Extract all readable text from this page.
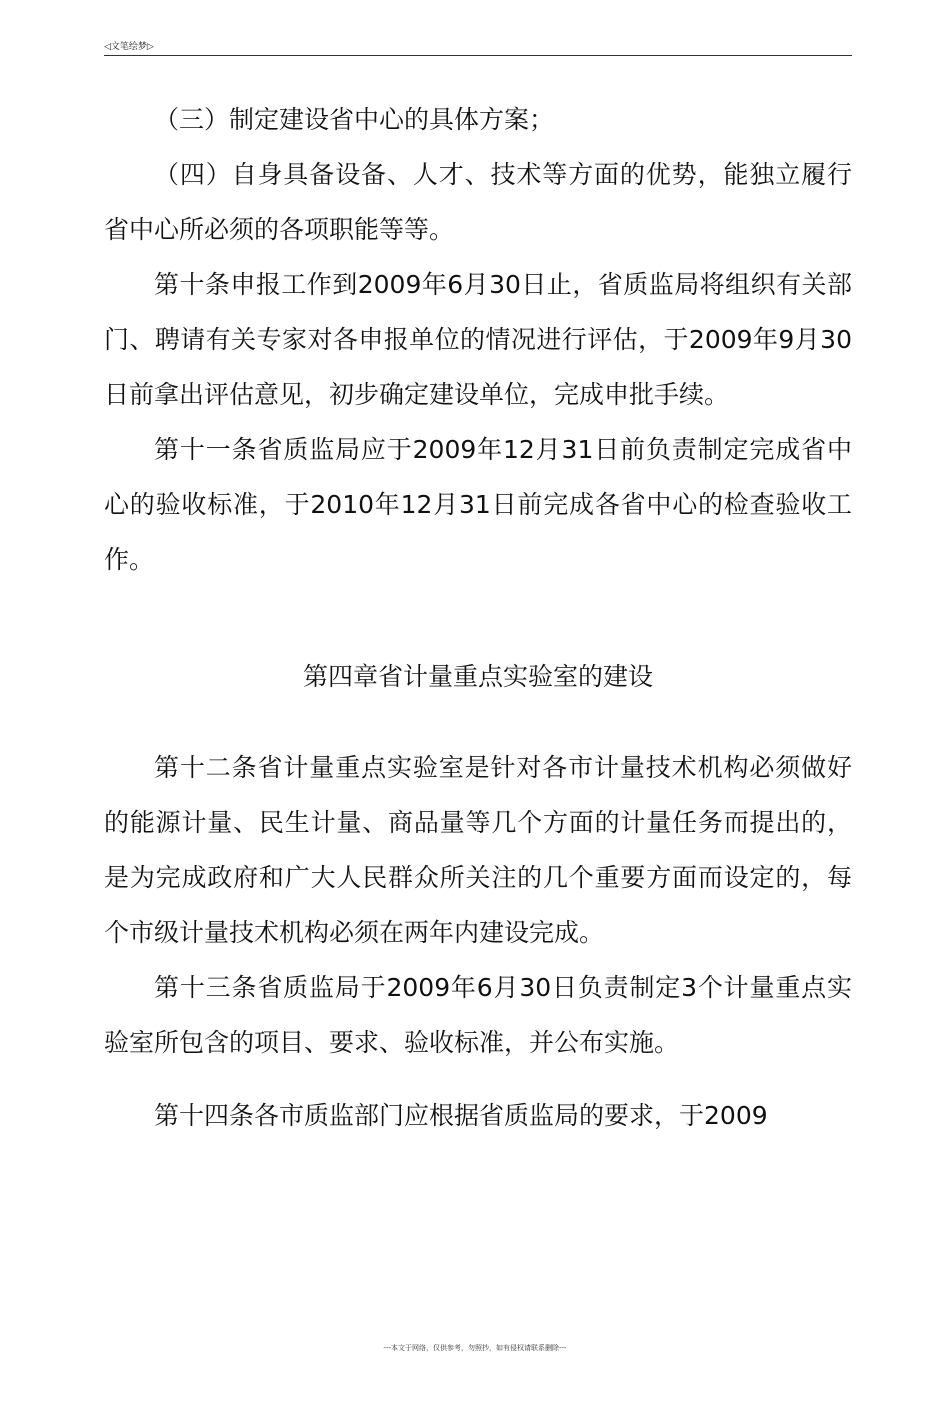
◁文笔绘梦▷

（三）制定建设省中心的具体方案；

（四）自身具备设备、人才、技术等方面的优势，能独立履行省中心所必须的各项职能等等。

第十条申报工作到2009年6月30日止，省质监局将组织有关部门、聘请有关专家对各申报单位的情况进行评估，于2009年9月30日前拿出评估意见，初步确定建设单位，完成申批手续。

第十一条省质监局应于2009年12月31日前负责制定完成省中心的验收标准，于2010年12月31日前完成各省中心的检查验收工作。

第四章省计量重点实验室的建设

第十二条省计量重点实验室是针对各市计量技术机构必须做好的能源计量、民生计量、商品量等几个方面的计量任务而提出的，是为完成政府和广大人民群众所关注的几个重要方面而设定的，每个市级计量技术机构必须在两年内建设完成。

第十三条省质监局于2009年6月30日负责制定3个计量重点实验室所包含的项目、要求、验收标准，并公布实施。

第十四条各市质监部门应根据省质监局的要求，于2009

---本文于网络，仅供参考，勿照抄，如有侵权请联系删除---
